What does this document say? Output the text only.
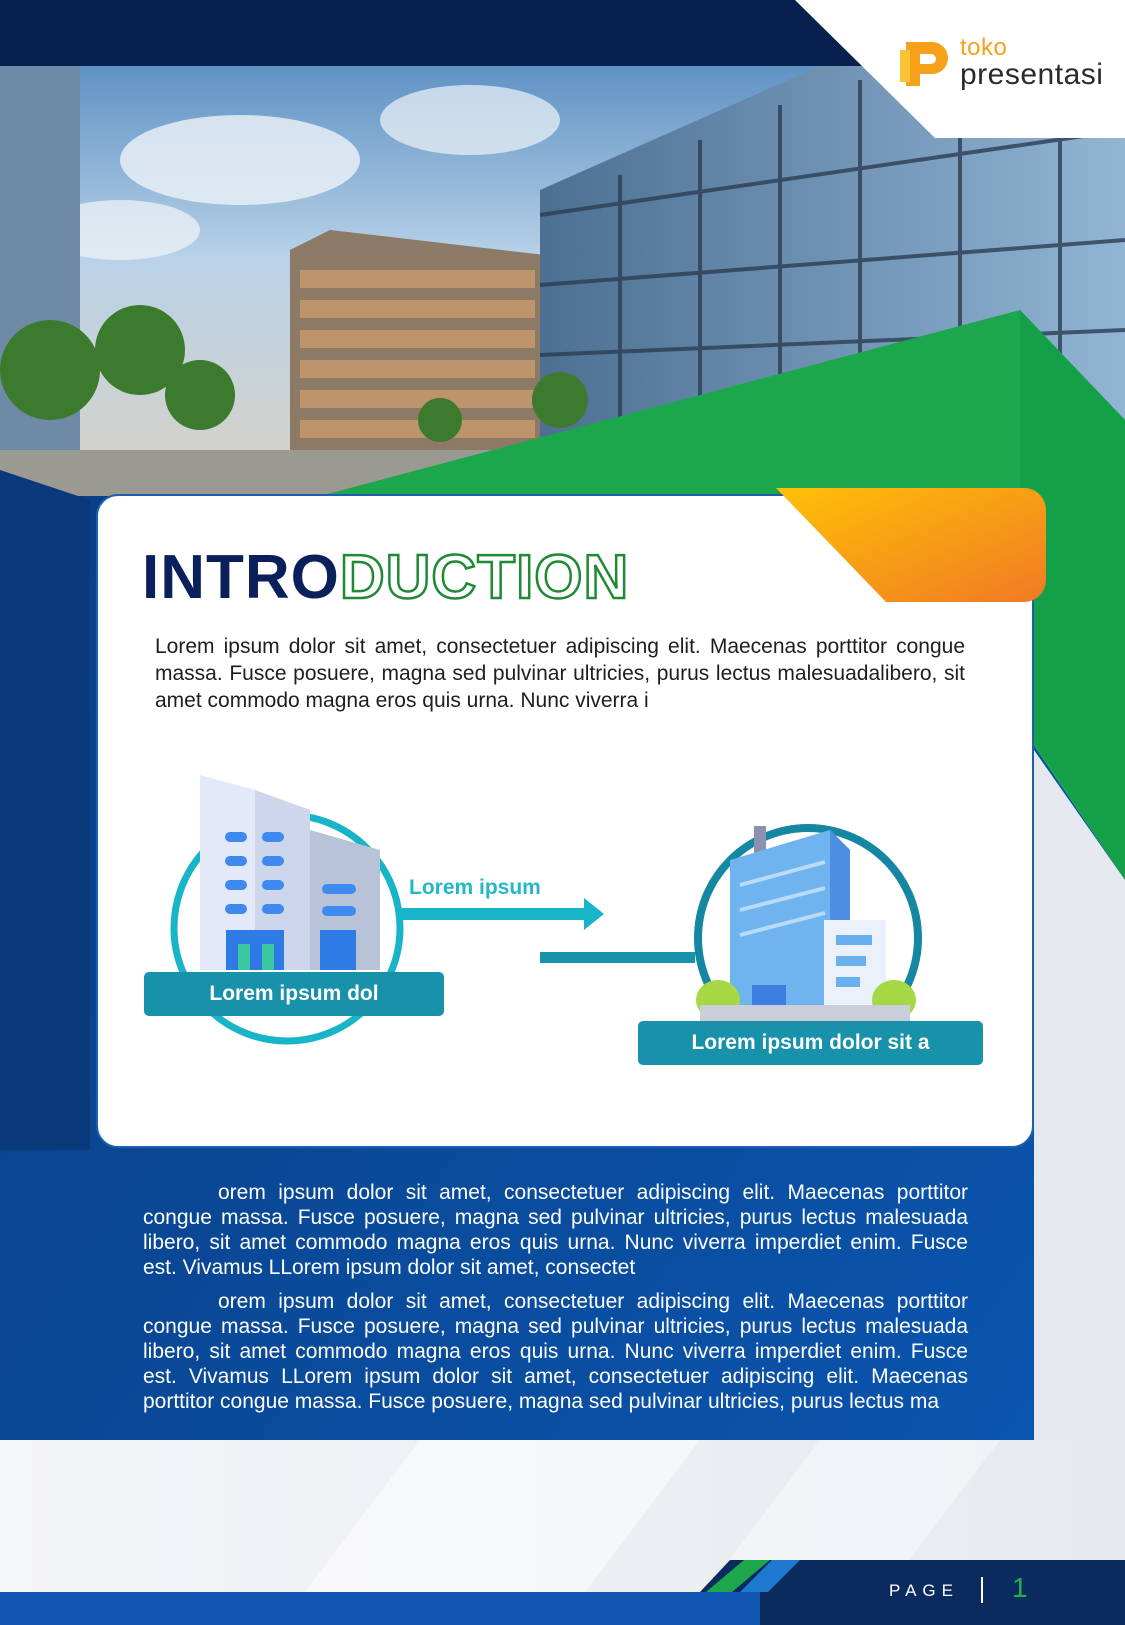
toko
presentasi
INTRODUCTION

Lorem ipsum dolor sit amet, consectetuer adipiscing elit. Maecenas porttitor congue massa. Fusce posuere, magna sed pulvinar ultricies, purus lectus malesuadalibero, sit amet commodo magna eros quis urna. Nunc viverra i

Lorem ipsum
Lorem ipsum dol
Lorem ipsum dolor sit a

orem ipsum dolor sit amet, consectetuer adipiscing elit. Maecenas porttitor congue massa. Fusce posuere, magna sed pulvinar ultricies, purus lectus malesuada libero, sit amet commodo magna eros quis urna. Nunc viverra imperdiet enim. Fusce est. Vivamus LLorem ipsum dolor sit amet, consectet

orem ipsum dolor sit amet, consectetuer adipiscing elit. Maecenas porttitor congue massa. Fusce posuere, magna sed pulvinar ultricies, purus lectus malesuada libero, sit amet commodo magna eros quis urna. Nunc viverra imperdiet enim. Fusce est. Vivamus LLorem ipsum dolor sit amet, consectetuer adipiscing elit. Maecenas porttitor congue massa. Fusce posuere, magna sed pulvinar ultricies, purus lectus ma

PAGE 1
